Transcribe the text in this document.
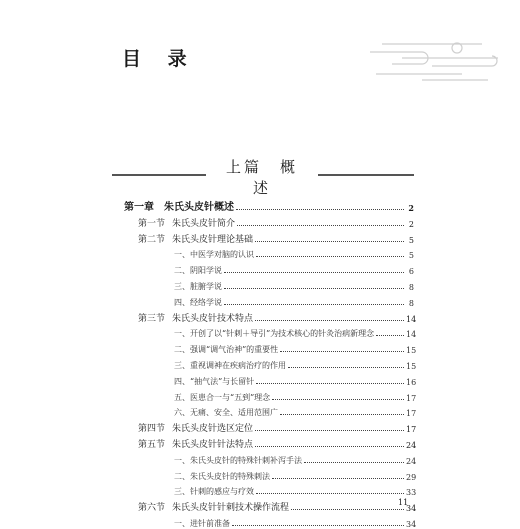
目 录
上篇　概　　述
第一章	朱氏头皮针概述	2
第一节 朱氏头皮针简介	2
第二节 朱氏头皮针理论基础	5
一、中医学对脑的认识	5
二、阴阳学说	6
三、脏腑学说	8
四、经络学说	8
第三节 朱氏头皮针技术特点	14
一、开创了以“针刺＋导引”为技术核心的针灸治病新理念	14
二、强调“调气治神”的重要性	15
三、重视调神在疾病治疗的作用	15
四、“抽气法”与长留针	16
五、医患合一与“五到”理念	17
六、无痛、安全、适用范围广	17
第四节 朱氏头皮针选区定位	17
第五节 朱氏头皮针针法特点	24
一、朱氏头皮针的特殊针刺补泻手法	24
二、朱氏头皮针的特殊刺法	29
三、针刺的感应与疗效	33
第六节 朱氏头皮针针刺技术操作流程	34
一、进针前准备	34
11
